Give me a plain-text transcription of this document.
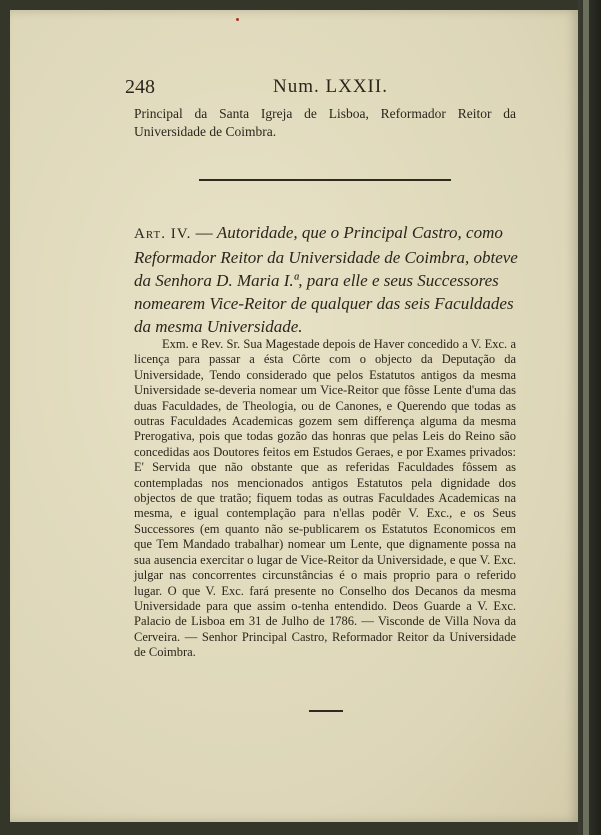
248	Num. LXXII.

Principal da Santa Igreja de Lisboa, Reformador Reitor da Universidade de Coimbra.

Art. IV. — Autoridade, que o Principal Castro, como Reformador Reitor da Universidade de Coimbra, obteve da Senhora D. Maria I.ª, para elle e seus Successores nomearem Vice-Reitor de qualquer das seis Faculdades da mesma Universidade.

Exm. e Rev. Sr. Sua Magestade depois de Haver concedido a V. Exc. a licença para passar a ésta Côrte com o objecto da Deputação da Universidade, Tendo considerado que pelos Estatutos antigos da mesma Universidade se-deveria nomear um Vice-Reitor que fôsse Lente d'uma das duas Faculdades, de Theologia, ou de Canones, e Querendo que todas as outras Faculdades Academicas gozem sem differença alguma da mesma Prerogativa, pois que todas gozão das honras que pelas Leis do Reino são concedidas aos Doutores feitos em Estudos Geraes, e por Exames privados: E' Servida que não obstante que as referidas Faculdades fôssem as contempladas nos mencionados antigos Estatutos pela dignidade dos objectos de que tratão; fiquem todas as outras Faculdades Academicas na mesma, e igual contemplação para n'ellas podêr V. Exc., e os Seus Successores (em quanto não se-publicarem os Estatutos Economicos em que Tem Mandado trabalhar) nomear um Lente, que dignamente possa na sua ausencia exercitar o lugar de Vice-Reitor da Universidade, e que V. Exc. julgar nas concorrentes circunstâncias é o mais proprio para o referido lugar. O que V. Exc. fará presente no Conselho dos Decanos da mesma Universidade para que assim o-tenha entendido. Deos Guarde a V. Exc. Palacio de Lisboa em 31 de Julho de 1786. — Visconde de Villa Nova da Cerveira. — Senhor Principal Castro, Reformador Reitor da Universidade de Coimbra.
